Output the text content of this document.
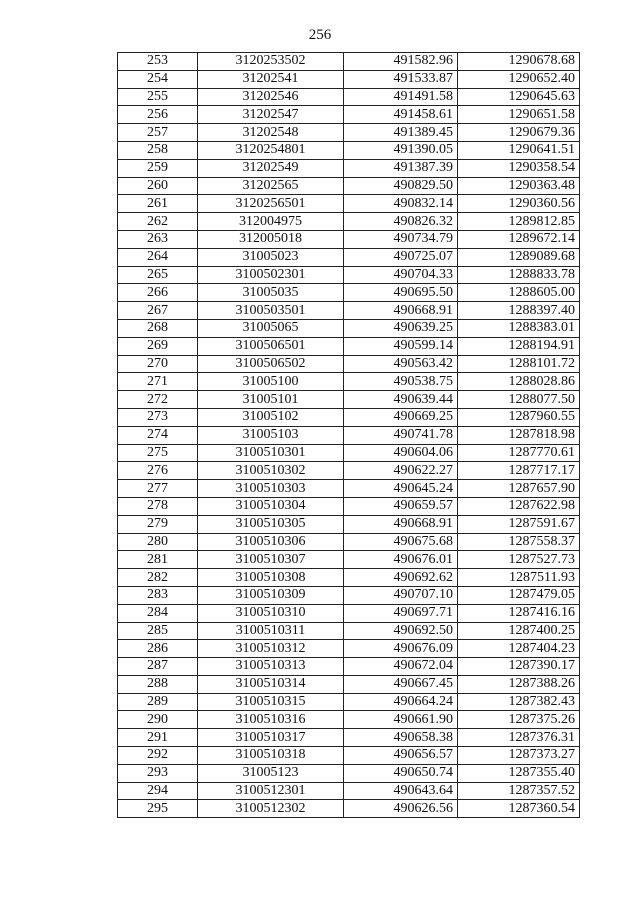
256
253	3120253502	491582.96	1290678.68
254	31202541	491533.87	1290652.40
255	31202546	491491.58	1290645.63
256	31202547	491458.61	1290651.58
257	31202548	491389.45	1290679.36
258	3120254801	491390.05	1290641.51
259	31202549	491387.39	1290358.54
260	31202565	490829.50	1290363.48
261	3120256501	490832.14	1290360.56
262	312004975	490826.32	1289812.85
263	312005018	490734.79	1289672.14
264	31005023	490725.07	1289089.68
265	3100502301	490704.33	1288833.78
266	31005035	490695.50	1288605.00
267	3100503501	490668.91	1288397.40
268	31005065	490639.25	1288383.01
269	3100506501	490599.14	1288194.91
270	3100506502	490563.42	1288101.72
271	31005100	490538.75	1288028.86
272	31005101	490639.44	1288077.50
273	31005102	490669.25	1287960.55
274	31005103	490741.78	1287818.98
275	3100510301	490604.06	1287770.61
276	3100510302	490622.27	1287717.17
277	3100510303	490645.24	1287657.90
278	3100510304	490659.57	1287622.98
279	3100510305	490668.91	1287591.67
280	3100510306	490675.68	1287558.37
281	3100510307	490676.01	1287527.73
282	3100510308	490692.62	1287511.93
283	3100510309	490707.10	1287479.05
284	3100510310	490697.71	1287416.16
285	3100510311	490692.50	1287400.25
286	3100510312	490676.09	1287404.23
287	3100510313	490672.04	1287390.17
288	3100510314	490667.45	1287388.26
289	3100510315	490664.24	1287382.43
290	3100510316	490661.90	1287375.26
291	3100510317	490658.38	1287376.31
292	3100510318	490656.57	1287373.27
293	31005123	490650.74	1287355.40
294	3100512301	490643.64	1287357.52
295	3100512302	490626.56	1287360.54
